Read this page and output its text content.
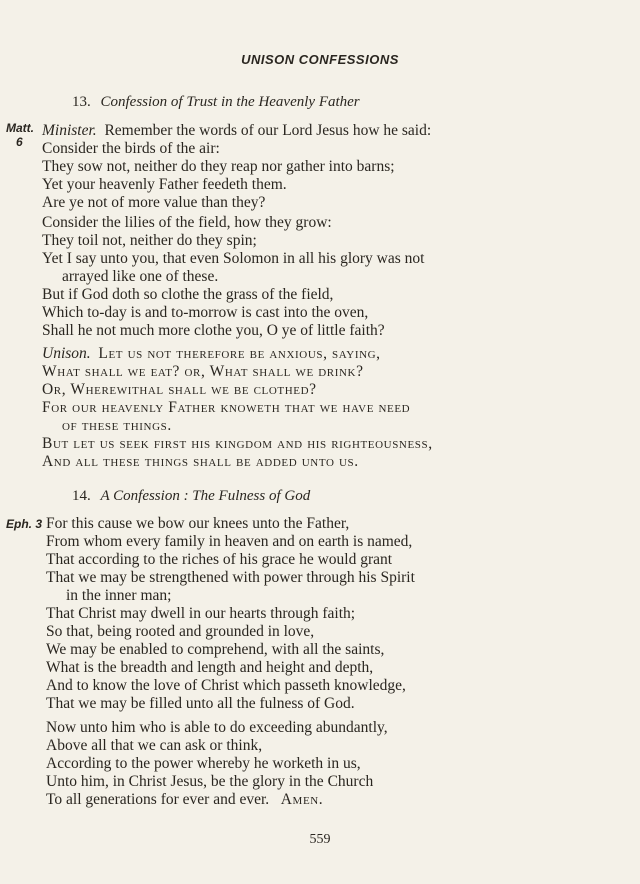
UNISON CONFESSIONS
13. Confession of Trust in the Heavenly Father
Matt.
6
Minister. Remember the words of our Lord Jesus how he said:
Consider the birds of the air:
They sow not, neither do they reap nor gather into barns;
Yet your heavenly Father feedeth them.
Are ye not of more value than they?
Consider the lilies of the field, how they grow:
They toil not, neither do they spin;
Yet I say unto you, that even Solomon in all his glory was not
arrayed like one of these.
But if God doth so clothe the grass of the field,
Which to-day is and to-morrow is cast into the oven,
Shall he not much more clothe you, O ye of little faith?
Unison. Let us not therefore be anxious, saying,
What shall we eat? or, What shall we drink?
Or, Wherewithal shall we be clothed?
For our heavenly Father knoweth that we have need
of these things.
But let us seek first his kingdom and his righteousness,
And all these things shall be added unto us.
14. A Confession : The Fulness of God
Eph. 3 For this cause we bow our knees unto the Father,
From whom every family in heaven and on earth is named,
That according to the riches of his grace he would grant
That we may be strengthened with power through his Spirit
in the inner man;
That Christ may dwell in our hearts through faith;
So that, being rooted and grounded in love,
We may be enabled to comprehend, with all the saints,
What is the breadth and length and height and depth,
And to know the love of Christ which passeth knowledge,
That we may be filled unto all the fulness of God.
Now unto him who is able to do exceeding abundantly,
Above all that we can ask or think,
According to the power whereby he worketh in us,
Unto him, in Christ Jesus, be the glory in the Church
To all generations for ever and ever. Amen.
559
